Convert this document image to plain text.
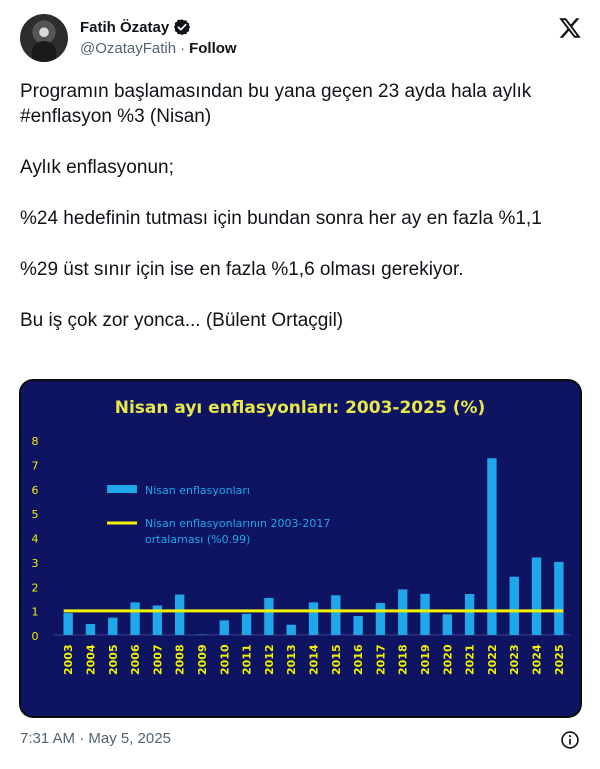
Fatih Özatay
@OzatayFatih · Follow

Programın başlamasından bu yana geçen 23 ayda hala aylık #enflasyon %3 (Nisan)

Aylık enflasyonun;

%24 hedefinin tutması için bundan sonra her ay en fazla %1,1

%29 üst sınır için ise en fazla %1,6 olması gerekiyor.

Bu iş çok zor yonca... (Bülent Ortaçgil)

0
1
2
3
4
5
6
7
8
2003 2004 2005 2006 2007 2008 2009 2010 2011 2012 2013 2014 2015 2016 2017 2018 2019 2020 2021 2022 2023 2024 2025
Nisan enflasyonları
Nisan enflasyonlarının 2003-2017
ortalaması (%0.99)
Nisan ayı enflasyonları: 2003-2025 (%)
7:31 AM · May 5, 2025
